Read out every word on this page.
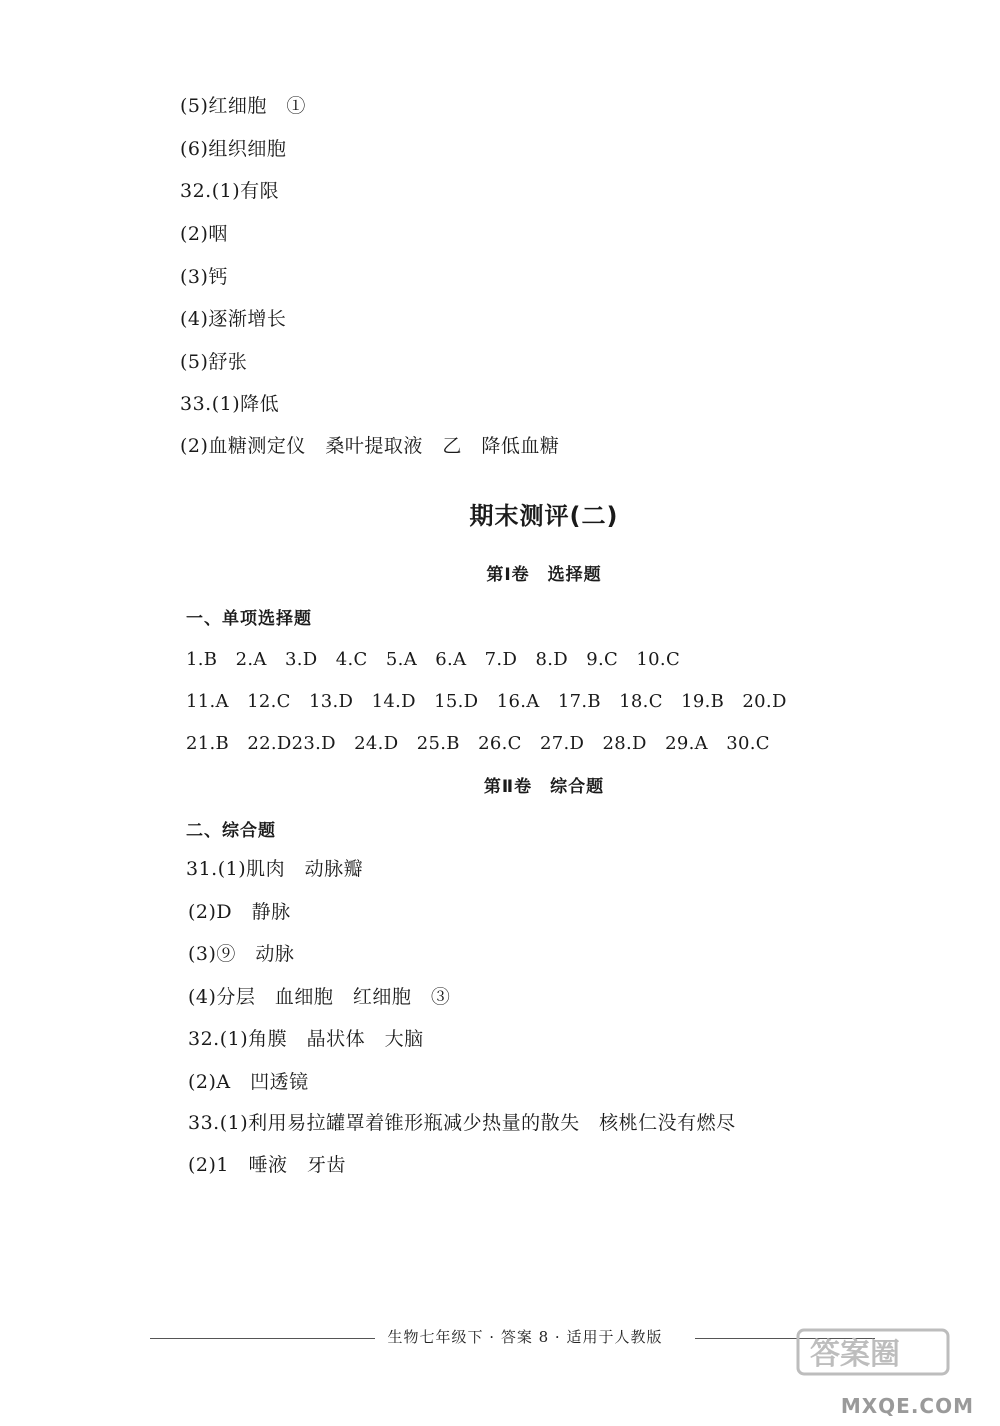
(5)红细胞　①
(6)组织细胞
32.(1)有限
(2)咽
(3)钙
(4)逐渐增长
(5)舒张
33.(1)降低
(2)血糖测定仪　桑叶提取液　乙　降低血糖
期末测评(二)
第Ⅰ卷　选择题
一、单项选择题
1.B　2.A　3.D　4.C　5.A　6.A　7.D　8.D　9.C　10.C
11.A　12.C　13.D　14.D　15.D　16.A　17.B　18.C　19.B　20.D
21.B　22.D23.D　24.D　25.B　26.C　27.D　28.D　29.A　30.C
第Ⅱ卷　综合题
二、综合题
31.(1)肌肉　动脉瓣
(2)D　静脉
(3)⑨　动脉
(4)分层　血细胞　红细胞　③
32.(1)角膜　晶状体　大脑
(2)A　凹透镜
33.(1)利用易拉罐罩着锥形瓶减少热量的散失　核桃仁没有燃尽
(2)1　唾液　牙齿
生物七年级下 · 答案 8 · 适用于人教版	答案圈
MXQE.COM
